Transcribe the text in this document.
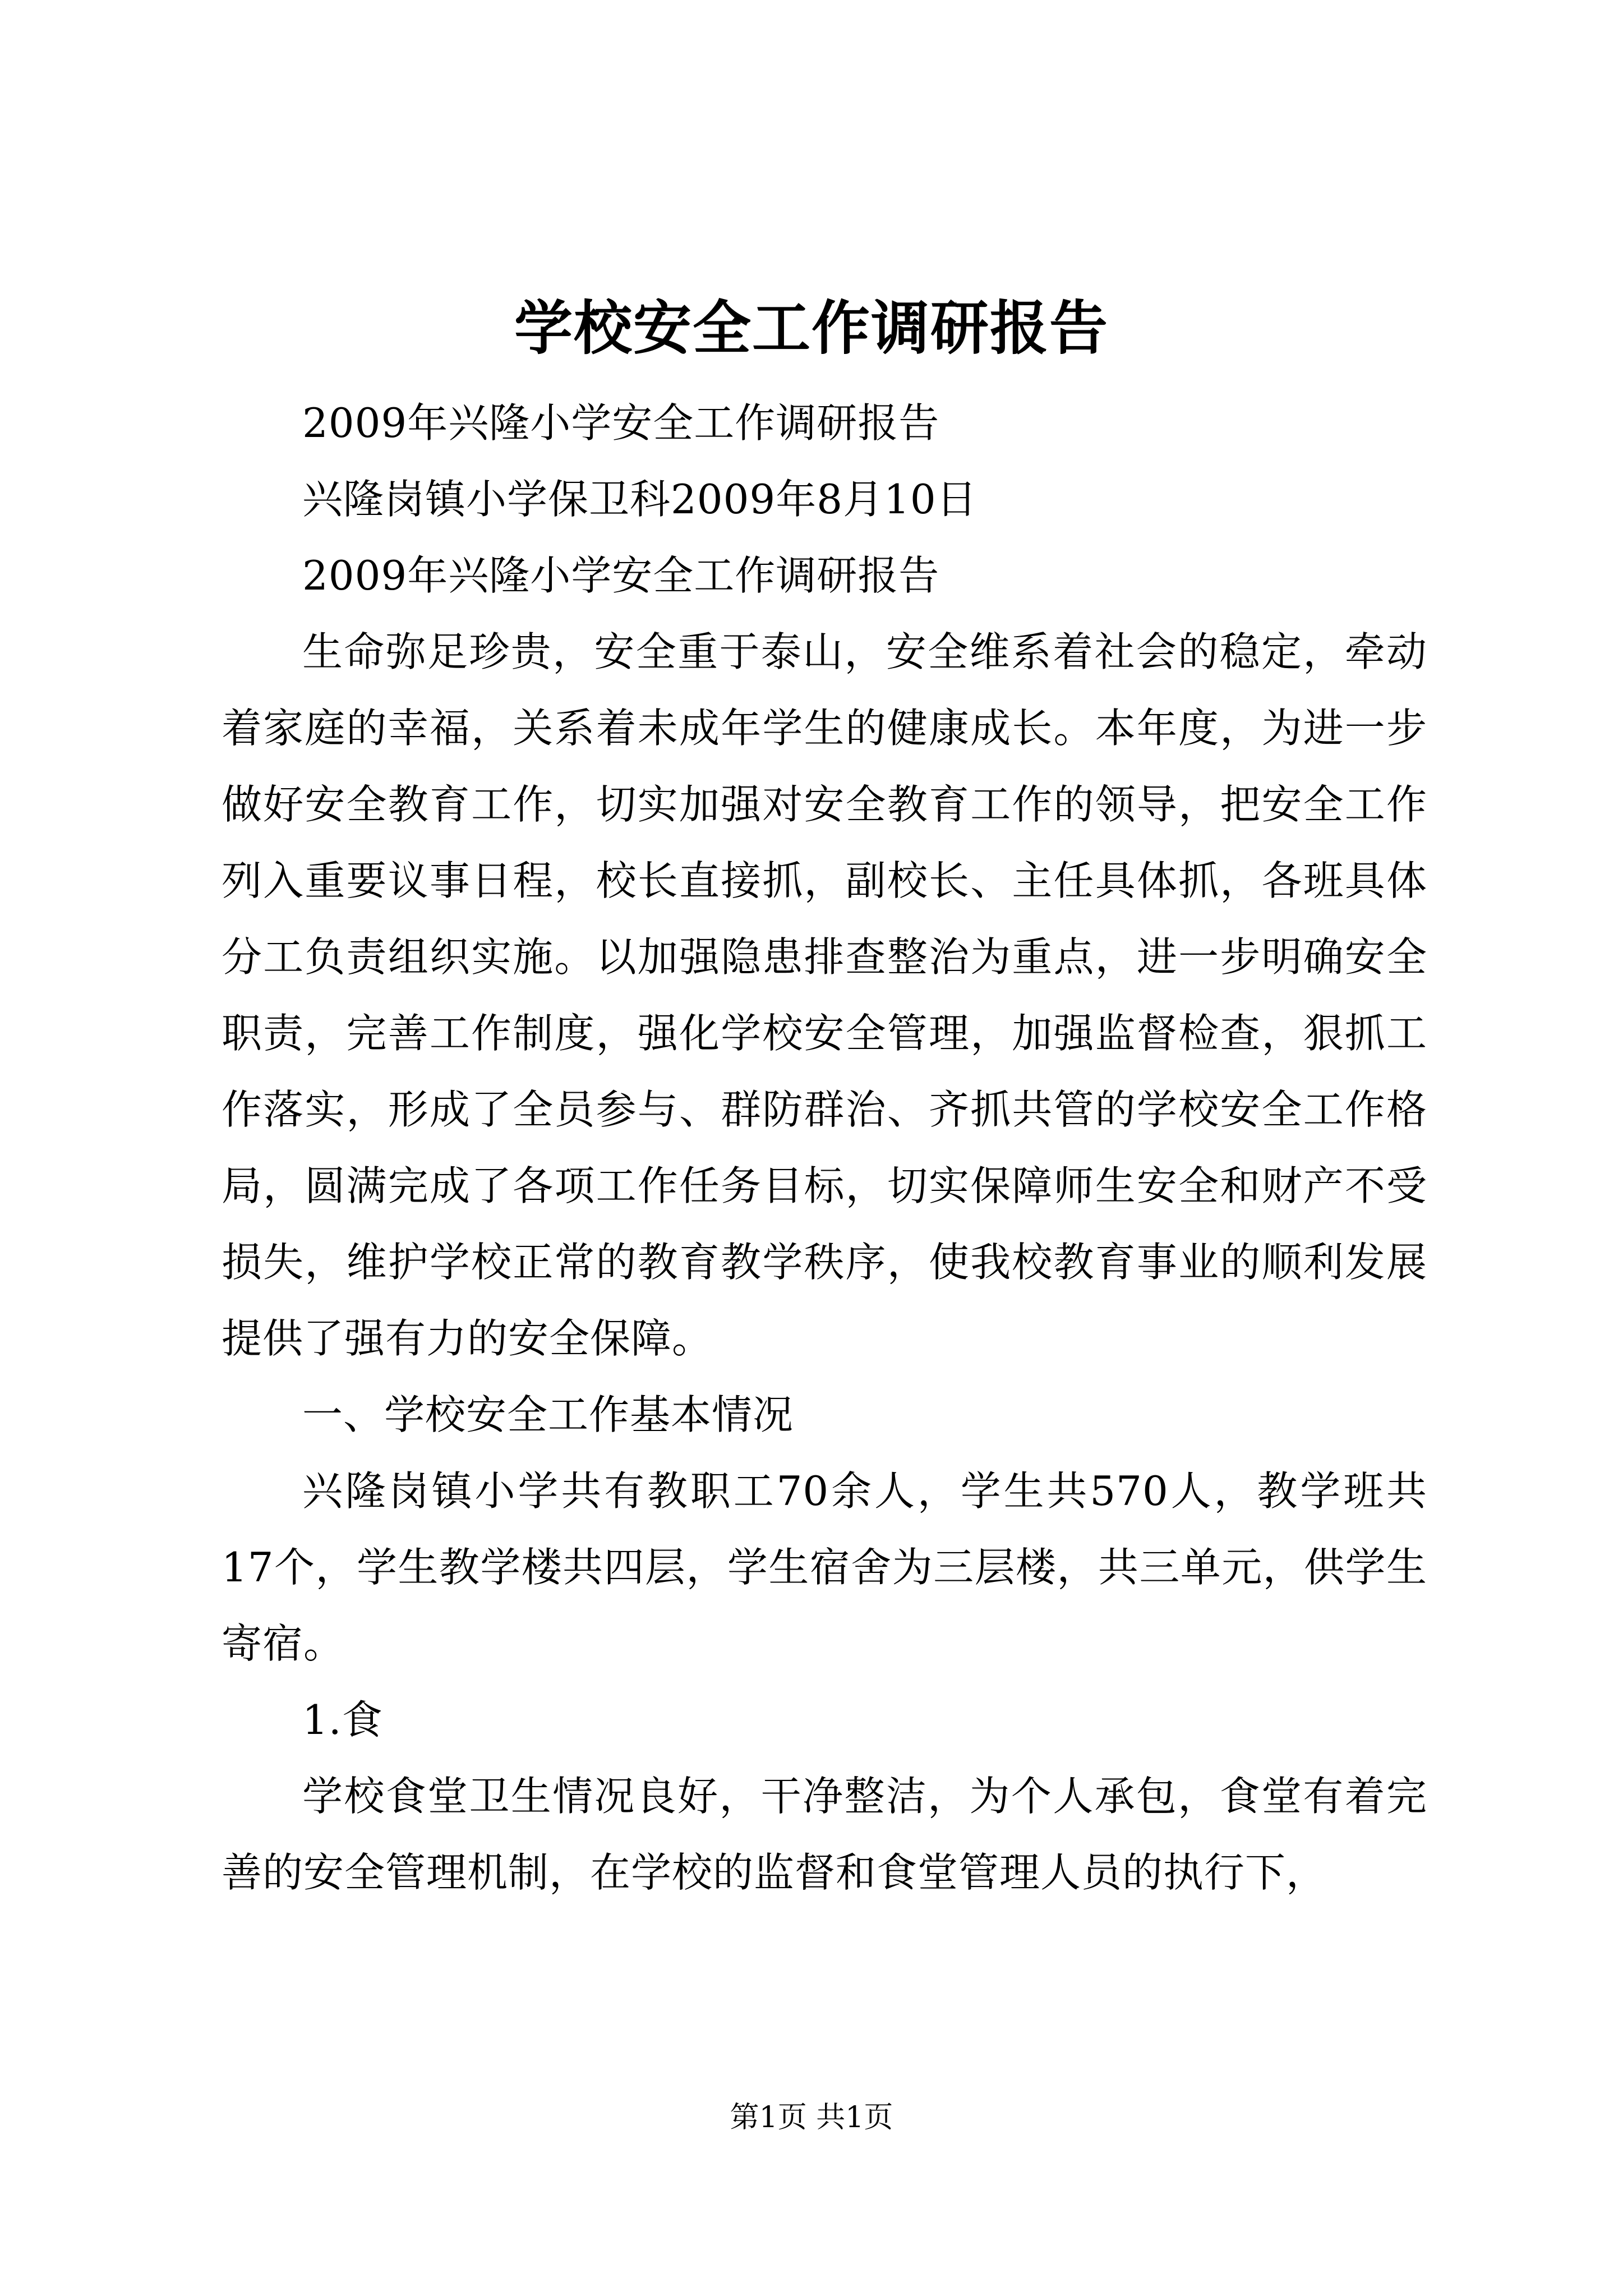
学校安全工作调研报告

2009年兴隆小学安全工作调研报告

兴隆岗镇小学保卫科2009年8月10日

2009年兴隆小学安全工作调研报告

生命弥足珍贵，安全重于泰山，安全维系着社会的稳定，牵动着家庭的幸福，关系着未成年学生的健康成长。本年度，为进一步做好安全教育工作，切实加强对安全教育工作的领导，把安全工作列入重要议事日程，校长直接抓，副校长、主任具体抓，各班具体分工负责组织实施。以加强隐患排查整治为重点，进一步明确安全职责，完善工作制度，强化学校安全管理，加强监督检查，狠抓工作落实，形成了全员参与、群防群治、齐抓共管的学校安全工作格局，圆满完成了各项工作任务目标，切实保障师生安全和财产不受损失，维护学校正常的教育教学秩序，使我校教育事业的顺利发展提供了强有力的安全保障。

一、学校安全工作基本情况

兴隆岗镇小学共有教职工70余人，学生共570人，教学班共17个，学生教学楼共四层，学生宿舍为三层楼，共三单元，供学生寄宿。

1.食

学校食堂卫生情况良好，干净整洁，为个人承包，食堂有着完善的安全管理机制，在学校的监督和食堂管理人员的执行下，

第1页 共1页
